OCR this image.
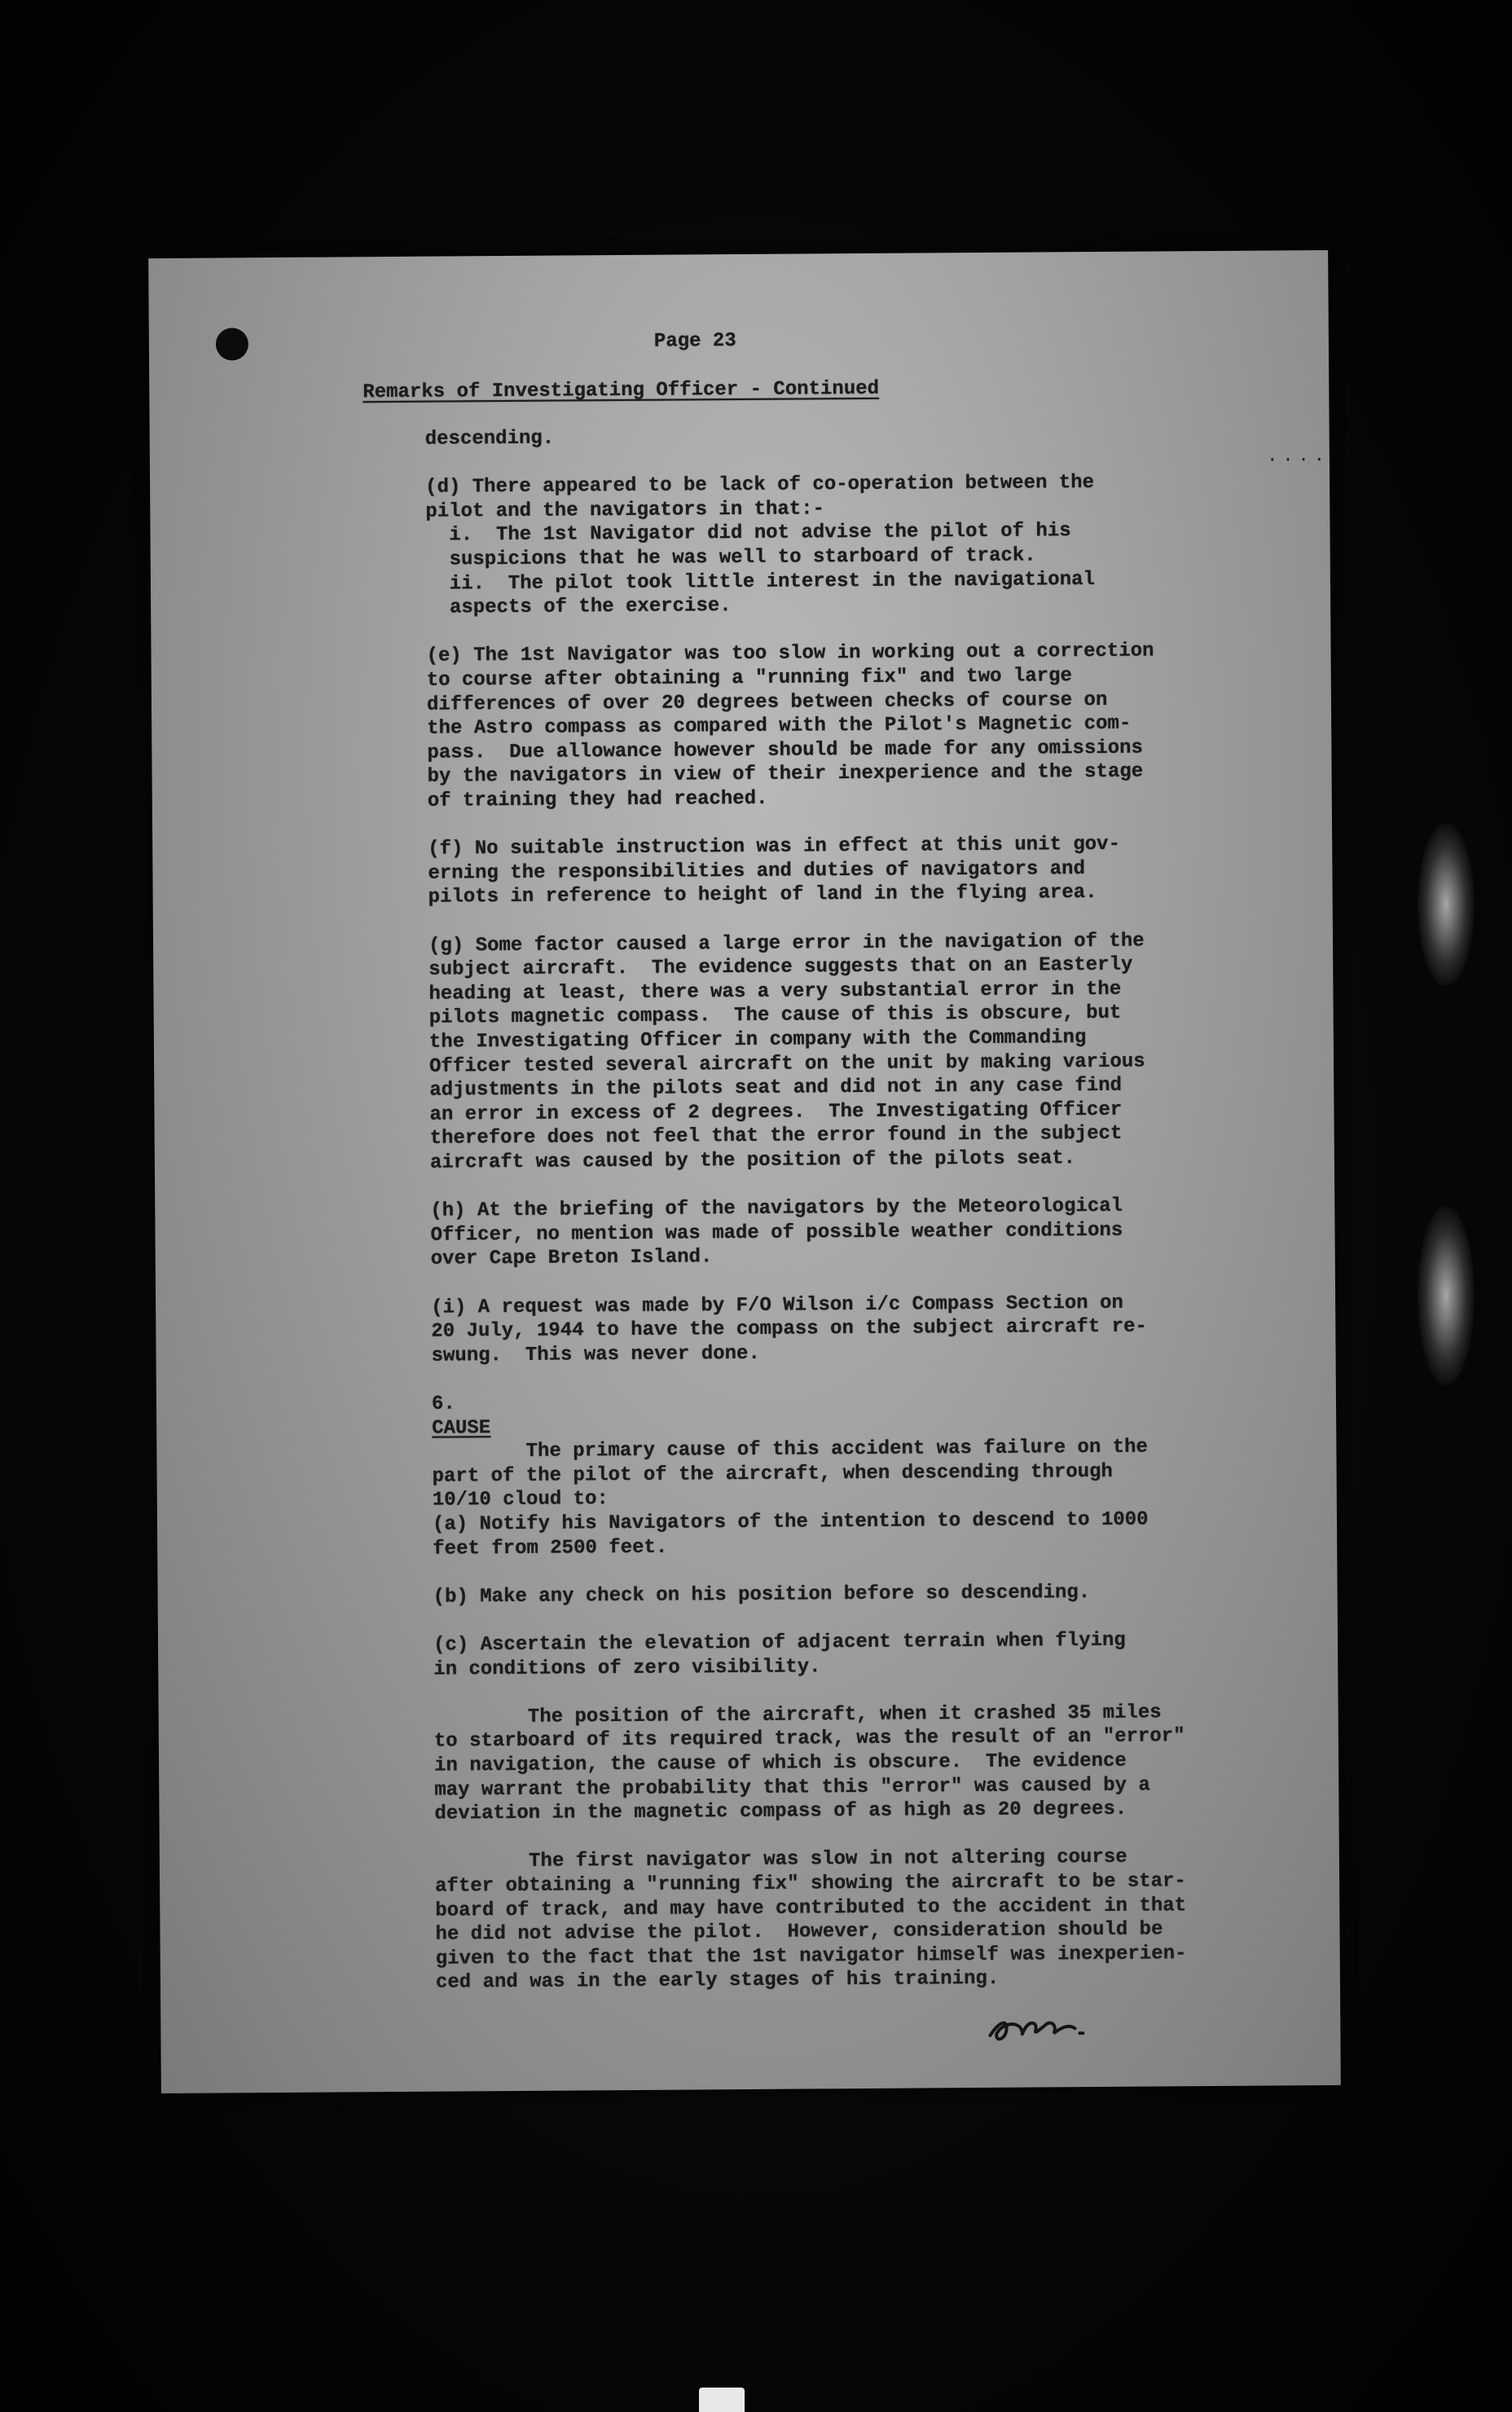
....
Page 23
Remarks of Investigating Officer - Continued
descending.
(d) There appeared to be lack of co-operation between the
pilot and the navigators in that:-
i.  The 1st Navigator did not advise the pilot of his
suspicions that he was well to starboard of track.
ii.  The pilot took little interest in the navigational
aspects of the exercise.
(e) The 1st Navigator was too slow in working out a correction
to course after obtaining a "running fix" and two large
differences of over 20 degrees between checks of course on
the Astro compass as compared with the Pilot's Magnetic com-
pass.  Due allowance however should be made for any omissions
by the navigators in view of their inexperience and the stage
of training they had reached.
(f) No suitable instruction was in effect at this unit gov-
erning the responsibilities and duties of navigators and
pilots in reference to height of land in the flying area.
(g) Some factor caused a large error in the navigation of the
subject aircraft.  The evidence suggests that on an Easterly
heading at least, there was a very substantial error in the
pilots magnetic compass.  The cause of this is obscure, but
the Investigating Officer in company with the Commanding
Officer tested several aircraft on the unit by making various
adjustments in the pilots seat and did not in any case find
an error in excess of 2 degrees.  The Investigating Officer
therefore does not feel that the error found in the subject
aircraft was caused by the position of the pilots seat.
(h) At the briefing of the navigators by the Meteorological
Officer, no mention was made of possible weather conditions
over Cape Breton Island.
(i) A request was made by F/O Wilson i/c Compass Section on
20 July, 1944 to have the compass on the subject aircraft re-
swung.  This was never done.
6.
CAUSE
The primary cause of this accident was failure on the
part of the pilot of the aircraft, when descending through
10/10 cloud to:
(a) Notify his Navigators of the intention to descend to 1000
feet from 2500 feet.
(b) Make any check on his position before so descending.
(c) Ascertain the elevation of adjacent terrain when flying
in conditions of zero visibility.
The position of the aircraft, when it crashed 35 miles
to starboard of its required track, was the result of an "error"
in navigation, the cause of which is obscure.  The evidence
may warrant the probability that this "error" was caused by a
deviation in the magnetic compass of as high as 20 degrees.
The first navigator was slow in not altering course
after obtaining a "running fix" showing the aircraft to be star-
board of track, and may have contributed to the accident in that
he did not advise the pilot.  However, consideration should be
given to the fact that the 1st navigator himself was inexperien-
ced and was in the early stages of his training.
